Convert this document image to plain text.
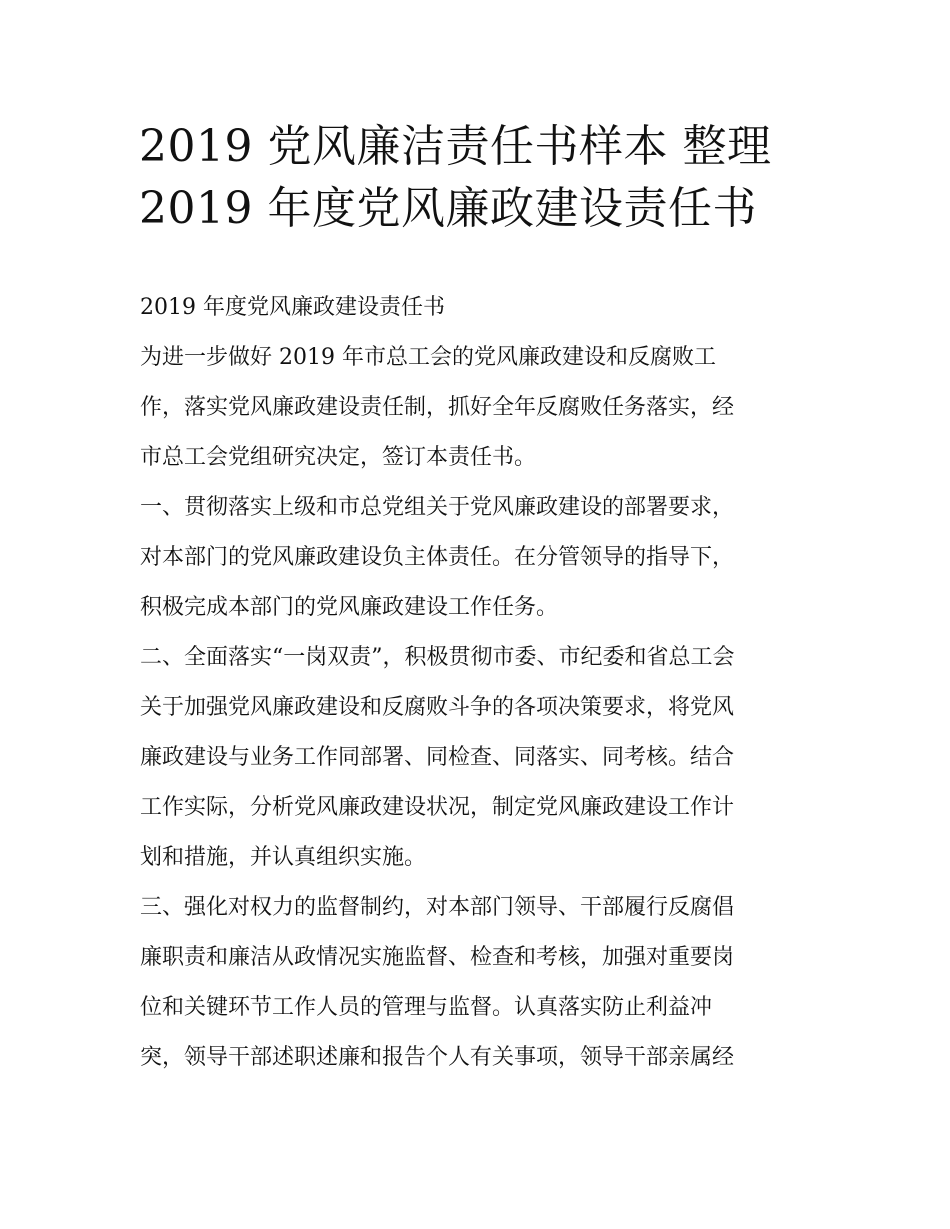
2019 党风廉洁责任书样本 整理
2019 年度党风廉政建设责任书
2019 年度党风廉政建设责任书
为进一步做好 2019 年市总工会的党风廉政建设和反腐败工
作，落实党风廉政建设责任制，抓好全年反腐败任务落实，经
市总工会党组研究决定，签订本责任书。
一、贯彻落实上级和市总党组关于党风廉政建设的部署要求，
对本部门的党风廉政建设负主体责任。在分管领导的指导下，
积极完成本部门的党风廉政建设工作任务。
二、全面落实“一岗双责”，积极贯彻市委、市纪委和省总工会
关于加强党风廉政建设和反腐败斗争的各项决策要求，将党风
廉政建设与业务工作同部署、同检查、同落实、同考核。结合
工作实际，分析党风廉政建设状况，制定党风廉政建设工作计
划和措施，并认真组织实施。
三、强化对权力的监督制约，对本部门领导、干部履行反腐倡
廉职责和廉洁从政情况实施监督、检查和考核，加强对重要岗
位和关键环节工作人员的管理与监督。认真落实防止利益冲
突，领导干部述职述廉和报告个人有关事项，领导干部亲属经
